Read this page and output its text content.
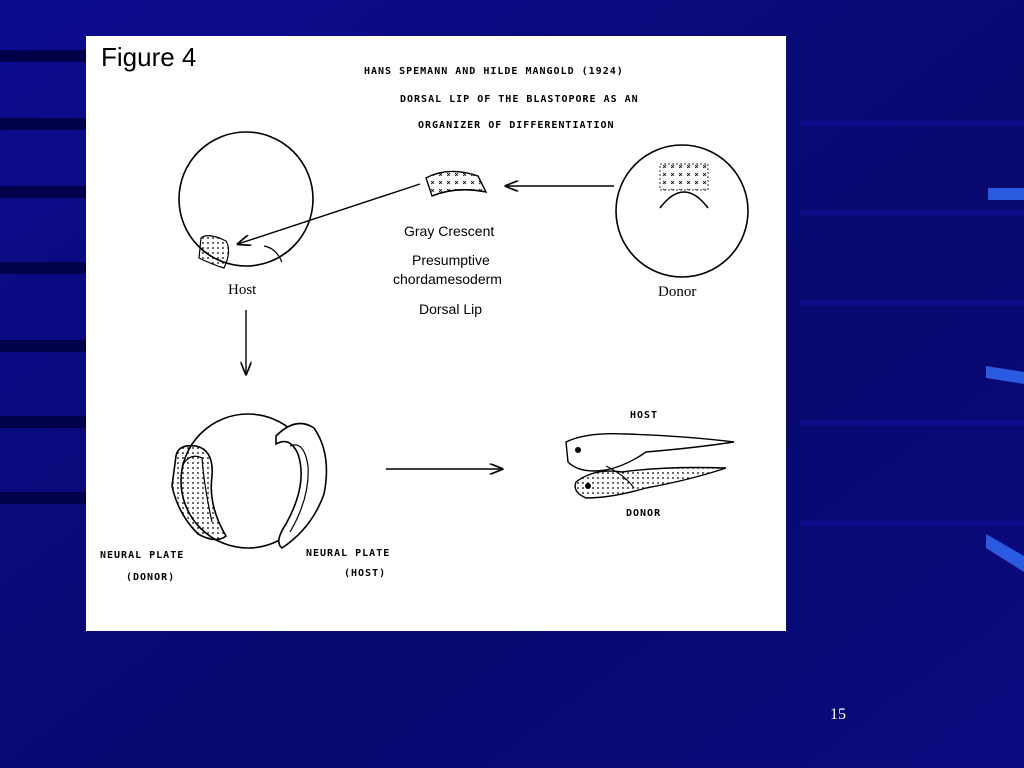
Figure 4	HANS SPEMANN AND HILDE MANGOLD (1924)
DORSAL LIP OF THE BLASTOPORE AS AN
ORGANIZER OF DIFFERENTIATION
Gray Crescent
Presumptive
chordamesoderm
Dorsal Lip
Host	Donor
NEURAL PLATE
(DONOR)
NEURAL PLATE
(HOST)
HOST
DONOR
15
